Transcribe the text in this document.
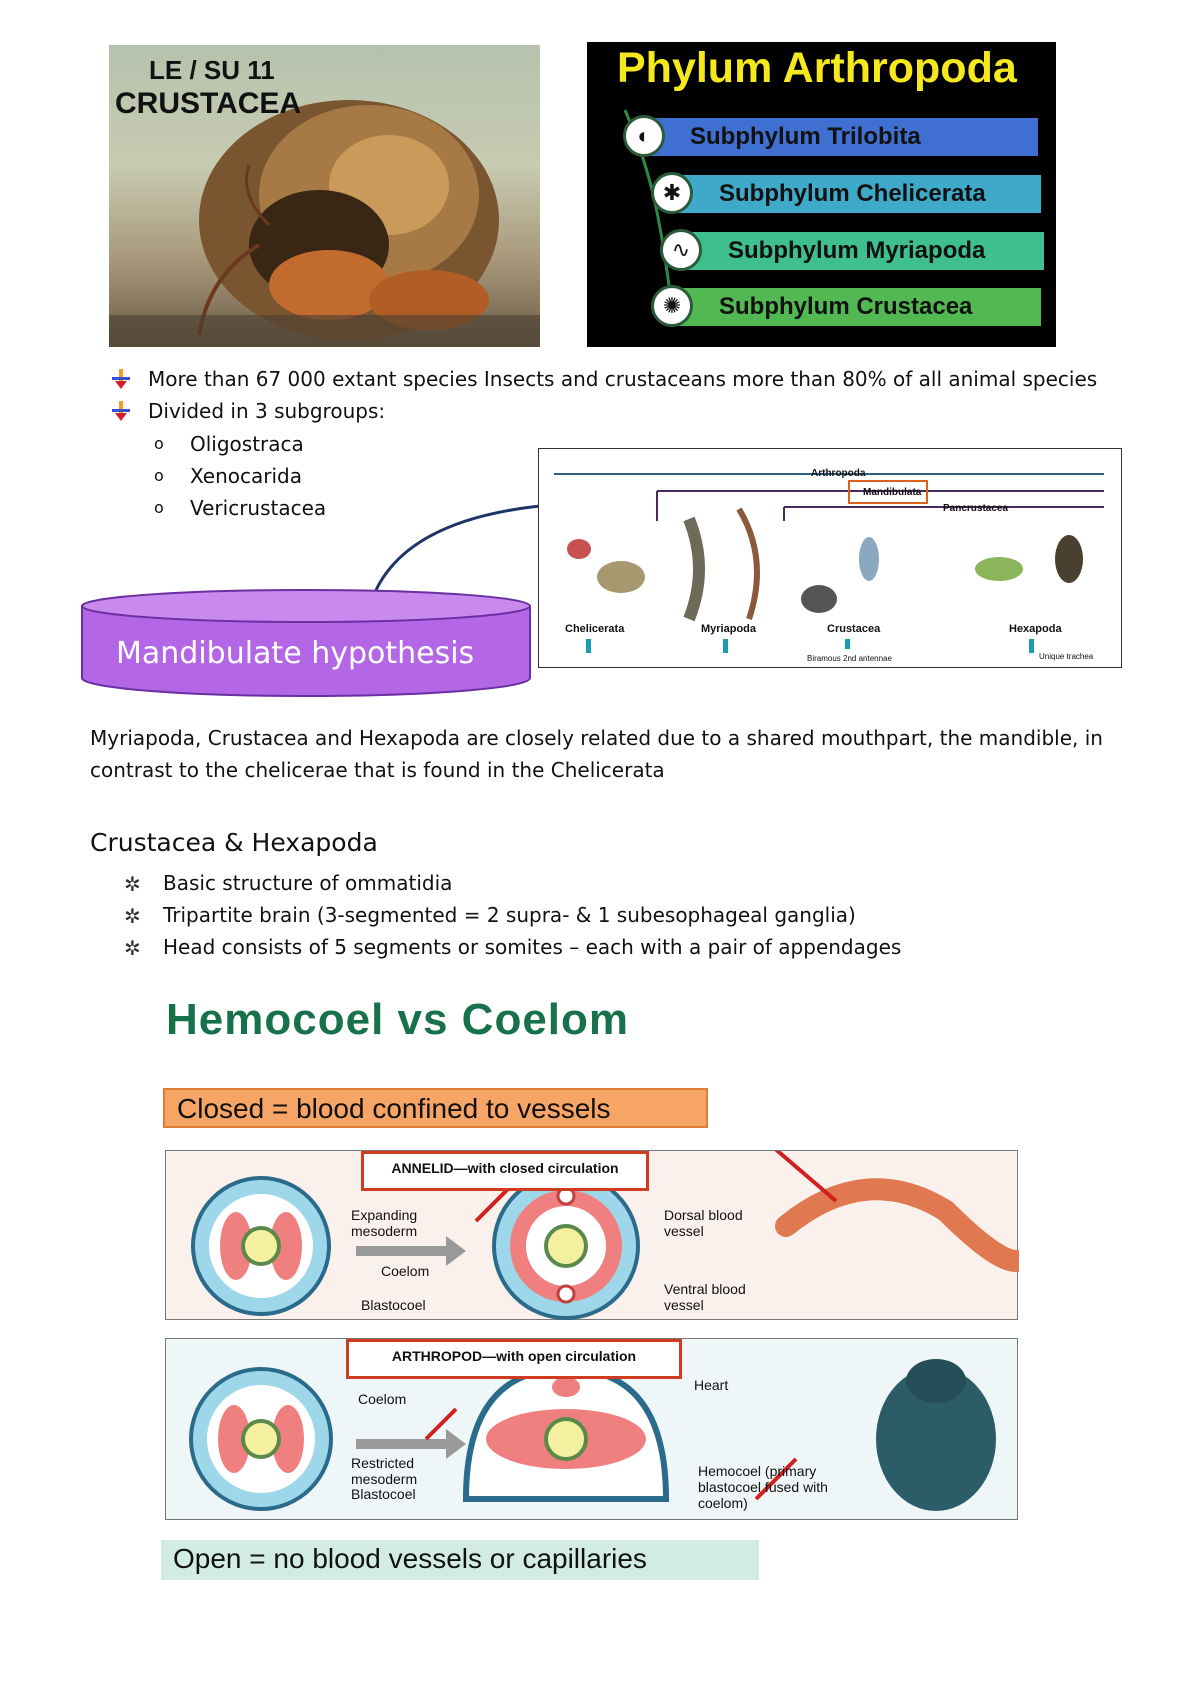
LE / SU 11
CRUSTACEA
Phylum Arthropoda
Subphylum Trilobita
◐
Subphylum Chelicerata
✱
Subphylum Myriapoda
∿
Subphylum Crustacea
✺
More than 67 000 extant species Insects and crustaceans more than 80% of all animal species
Divided in 3 subgroups:
o Oligostraca
o Xenocarida
o Vericrustacea
Mandibulate hypothesis
Arthropoda
Mandibulata
Pancrustacea
Chelicerata	Myriapoda	Crustacea	Hexapoda
Biramous 2nd antennae	Unique trachea
Myriapoda, Crustacea and Hexapoda are closely related due to a shared mouthpart, the mandible, in contrast to the chelicerae that is found in the Chelicerata
Crustacea & Hexapoda
✲ Basic structure of ommatidia
✲ Tripartite brain (3-segmented = 2 supra- & 1 subesophageal ganglia)
✲ Head consists of 5 segments or somites – each with a pair of appendages
Hemocoel vs Coelom
Closed = blood confined to vessels
ANNELID—with closed circulation
Expanding mesoderm
Coelom
Blastocoel
Dorsal blood vessel
Ventral blood vessel
ARTHROPOD—with open circulation
Coelom
Restricted mesoderm
Blastocoel
Heart
Hemocoel (primary blastocoel fused with coelom)
Open = no blood vessels or capillaries
